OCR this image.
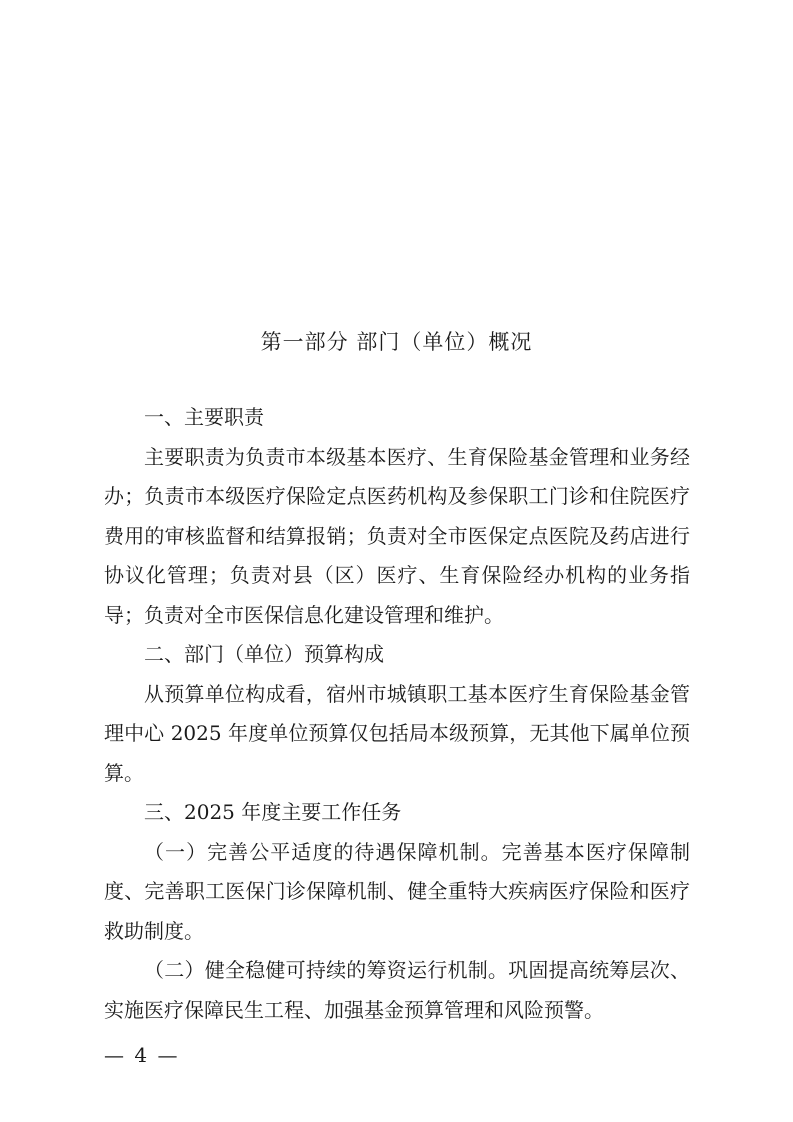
第一部分 部门（单位）概况

一、主要职责

主要职责为负责市本级基本医疗、生育保险基金管理和业务经办；负责市本级医疗保险定点医药机构及参保职工门诊和住院医疗费用的审核监督和结算报销；负责对全市医保定点医院及药店进行协议化管理；负责对县（区）医疗、生育保险经办机构的业务指导；负责对全市医保信息化建设管理和维护。

二、部门（单位）预算构成

从预算单位构成看，宿州市城镇职工基本医疗生育保险基金管理中心 2025 年度单位预算仅包括局本级预算，无其他下属单位预算。

三、2025 年度主要工作任务

（一）完善公平适度的待遇保障机制。完善基本医疗保障制度、完善职工医保门诊保障机制、健全重特大疾病医疗保险和医疗救助制度。

（二）健全稳健可持续的筹资运行机制。巩固提高统筹层次、实施医疗保障民生工程、加强基金预算管理和风险预警。

— 4 —
